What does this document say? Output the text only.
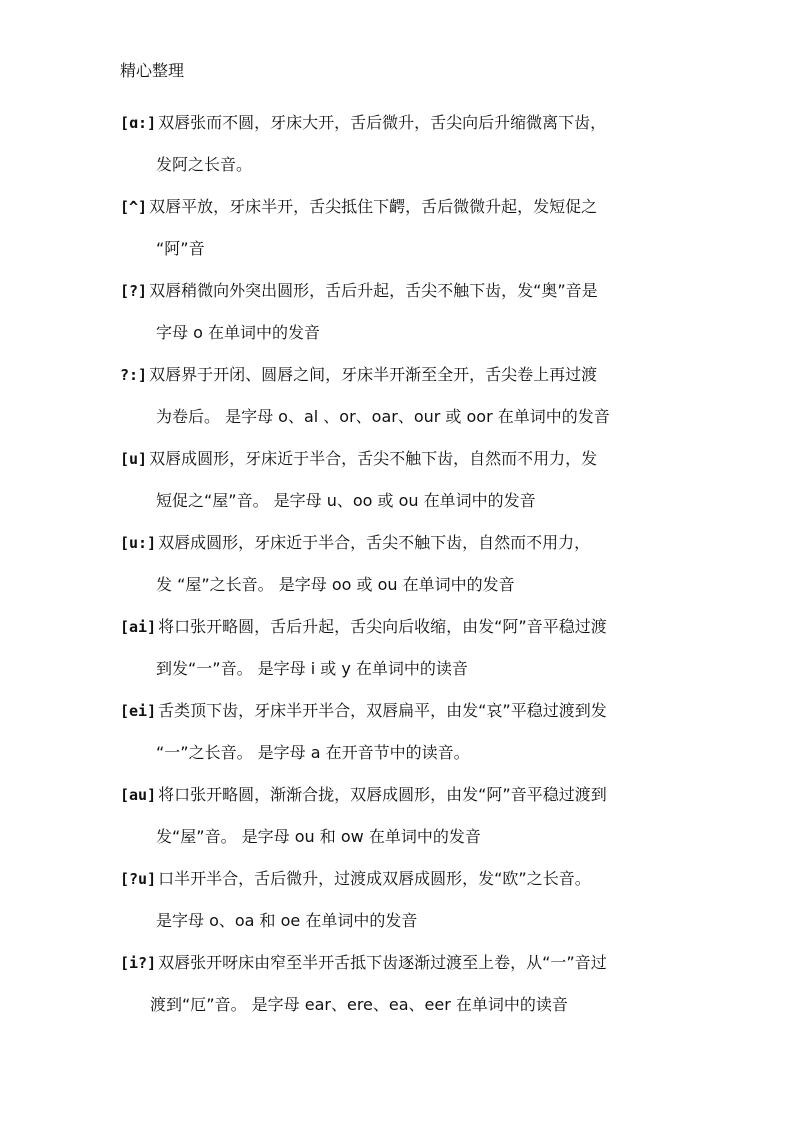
精心整理
[ɑ:] 双唇张而不圆，牙床大开，舌后微升，舌尖向后升缩微离下齿，
发阿之长音。
[^] 双唇平放，牙床半开，舌尖抵住下齶，舌后微微升起，发短促之
“阿”音
[?] 双唇稍微向外突出圆形，舌后升起，舌尖不触下齿，发“奥”音是
字母 o 在单词中的发音
?:] 双唇界于开闭、圆唇之间，牙床半开渐至全开，舌尖卷上再过渡
为卷后。 是字母 o、al 、or、oar、our 或 oor 在单词中的发音
[u] 双唇成圆形，牙床近于半合，舌尖不触下齿，自然而不用力，发
短促之“屋”音。 是字母 u、oo 或 ou 在单词中的发音
[u:] 双唇成圆形，牙床近于半合，舌尖不触下齿，自然而不用力，
发 “屋”之长音。 是字母 oo 或 ou 在单词中的发音
[ai] 将口张开略圆，舌后升起，舌尖向后收缩，由发“阿”音平稳过渡
到发“一”音。 是字母 i 或 y 在单词中的读音
[ei] 舌类顶下齿，牙床半开半合，双唇扁平，由发“哀”平稳过渡到发
“一”之长音。 是字母 a 在开音节中的读音。
[au] 将口张开略圆，渐渐合拢，双唇成圆形，由发“阿”音平稳过渡到
发“屋”音。 是字母 ou 和 ow 在单词中的发音
[?u] 口半开半合，舌后微升，过渡成双唇成圆形，发“欧”之长音。
是字母 o、oa 和 oe 在单词中的发音
[i?] 双唇张开呀床由窄至半开舌抵下齿逐渐过渡至上卷，从“一”音过
渡到“厄”音。 是字母 ear、ere、ea、eer 在单词中的读音
